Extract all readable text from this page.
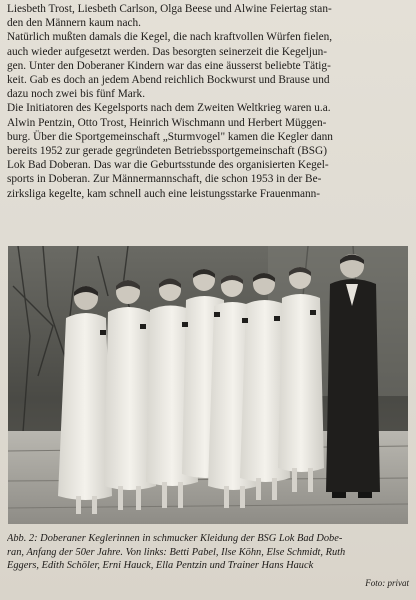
Liesbeth Trost, Liesbeth Carlson, Olga Beese und Alwine Feiertag stan-
den den Männern kaum nach.
Natürlich mußten damals die Kegel, die nach kraftvollen Würfen fielen,
auch wieder aufgesetzt werden. Das besorgten seinerzeit die Kegeljun-
gen. Unter den Doberaner Kindern war das eine äusserst beliebte Tätig-
keit. Gab es doch an jedem Abend reichlich Bockwurst und Brause und
dazu noch zwei bis fünf Mark.
Die Initiatoren des Kegelsports nach dem Zweiten Weltkrieg waren u.a.
Alwin Pentzin, Otto Trost, Heinrich Wischmann und Herbert Müggen-
burg. Über die Sportgemeinschaft „Sturmvogel" kamen die Kegler dann
bereits 1952 zur gerade gegründeten Betriebssportgemeinschaft (BSG)
Lok Bad Doberan. Das war die Geburtsstunde des organisierten Kegel-
sports in Doberan. Zur Männermannschaft, die schon 1953 in der Be-
zirksliga kegelte, kam schnell auch eine leistungsstarke Frauenmann-
Abb. 2: Doberaner Keglerinnen in schmucker Kleidung der BSG Lok Bad Dobe-
ran, Anfang der 50er Jahre. Von links: Betti Pabel, Ilse Köhn, Else Schmidt, Ruth
Eggers, Edith Schöler, Erni Hauck, Ella Pentzin und Trainer Hans Hauck
Foto: privat
